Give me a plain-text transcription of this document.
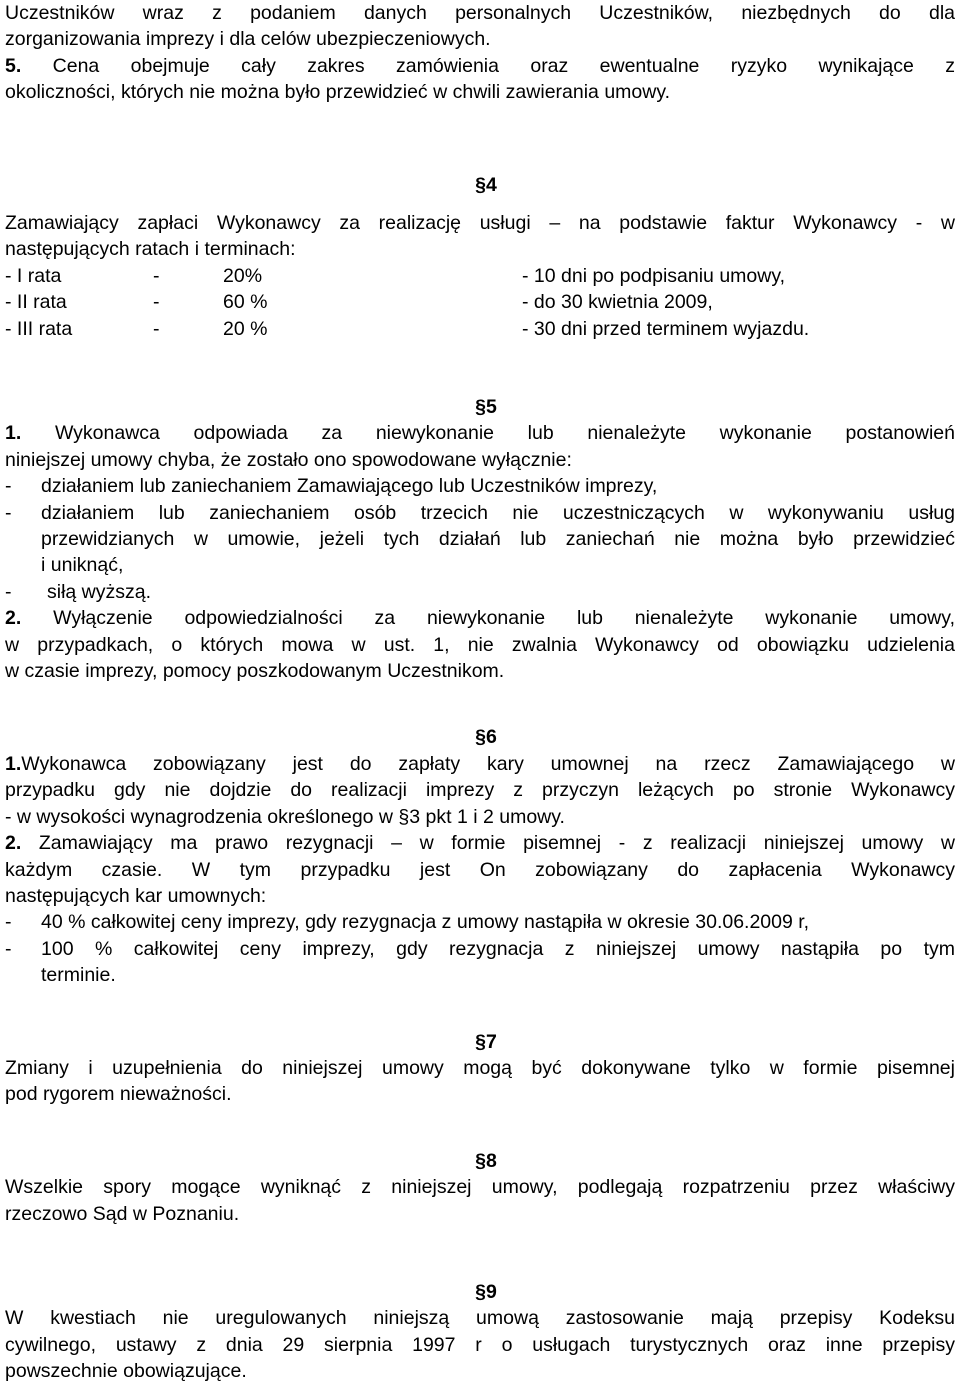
Uczestników wraz z podaniem danych personalnych Uczestników, niezbędnych do dla
zorganizowania imprezy i dla celów ubezpieczeniowych.
5. Cena obejmuje cały zakres zamówienia oraz ewentualne ryzyko wynikające z
okoliczności, których nie można było przewidzieć w chwili zawierania umowy.
§4
Zamawiający zapłaci Wykonawcy za realizację usługi – na podstawie faktur Wykonawcy - w
następujących ratach i terminach:
- I rata	-	20%	- 10 dni po podpisaniu umowy,
- II rata	-	60 %	- do 30 kwietnia 2009,
- III rata	-	20 %	- 30 dni przed terminem wyjazdu.
§5
1. Wykonawca odpowiada za niewykonanie lub nienależyte wykonanie postanowień
niniejszej umowy chyba, że zostało ono spowodowane wyłącznie:
- działaniem lub zaniechaniem Zamawiającego lub Uczestników imprezy,
- działaniem lub zaniechaniem osób trzecich nie uczestniczących w wykonywaniu usług
przewidzianych w umowie, jeżeli tych działań lub zaniechań nie można było przewidzieć
i uniknąć,
- siłą wyższą.
2. Wyłączenie odpowiedzialności za niewykonanie lub nienależyte wykonanie umowy,
w przypadkach, o których mowa w ust. 1, nie zwalnia Wykonawcy od obowiązku udzielenia
w czasie imprezy, pomocy poszkodowanym Uczestnikom.
§6
1.Wykonawca zobowiązany jest do zapłaty kary umownej na rzecz Zamawiającego w
przypadku gdy nie dojdzie do realizacji imprezy z przyczyn leżących po stronie Wykonawcy
- w wysokości wynagrodzenia określonego w §3 pkt 1 i 2 umowy.
2. Zamawiający ma prawo rezygnacji – w formie pisemnej - z realizacji niniejszej umowy w
każdym czasie. W tym przypadku jest On zobowiązany do zapłacenia Wykonawcy
następujących kar umownych:
- 40 % całkowitej ceny imprezy, gdy rezygnacja z umowy nastąpiła w okresie 30.06.2009 r,
- 100 % całkowitej ceny imprezy, gdy rezygnacja z niniejszej umowy nastąpiła po tym
terminie.
§7
Zmiany i uzupełnienia do niniejszej umowy mogą być dokonywane tylko w formie pisemnej
pod rygorem nieważności.
§8
Wszelkie spory mogące wyniknąć z niniejszej umowy, podlegają rozpatrzeniu przez właściwy
rzeczowo Sąd w Poznaniu.
§9
W kwestiach nie uregulowanych niniejszą umową zastosowanie mają przepisy Kodeksu
cywilnego, ustawy z dnia 29 sierpnia 1997 r o usługach turystycznych oraz inne przepisy
powszechnie obowiązujące.
